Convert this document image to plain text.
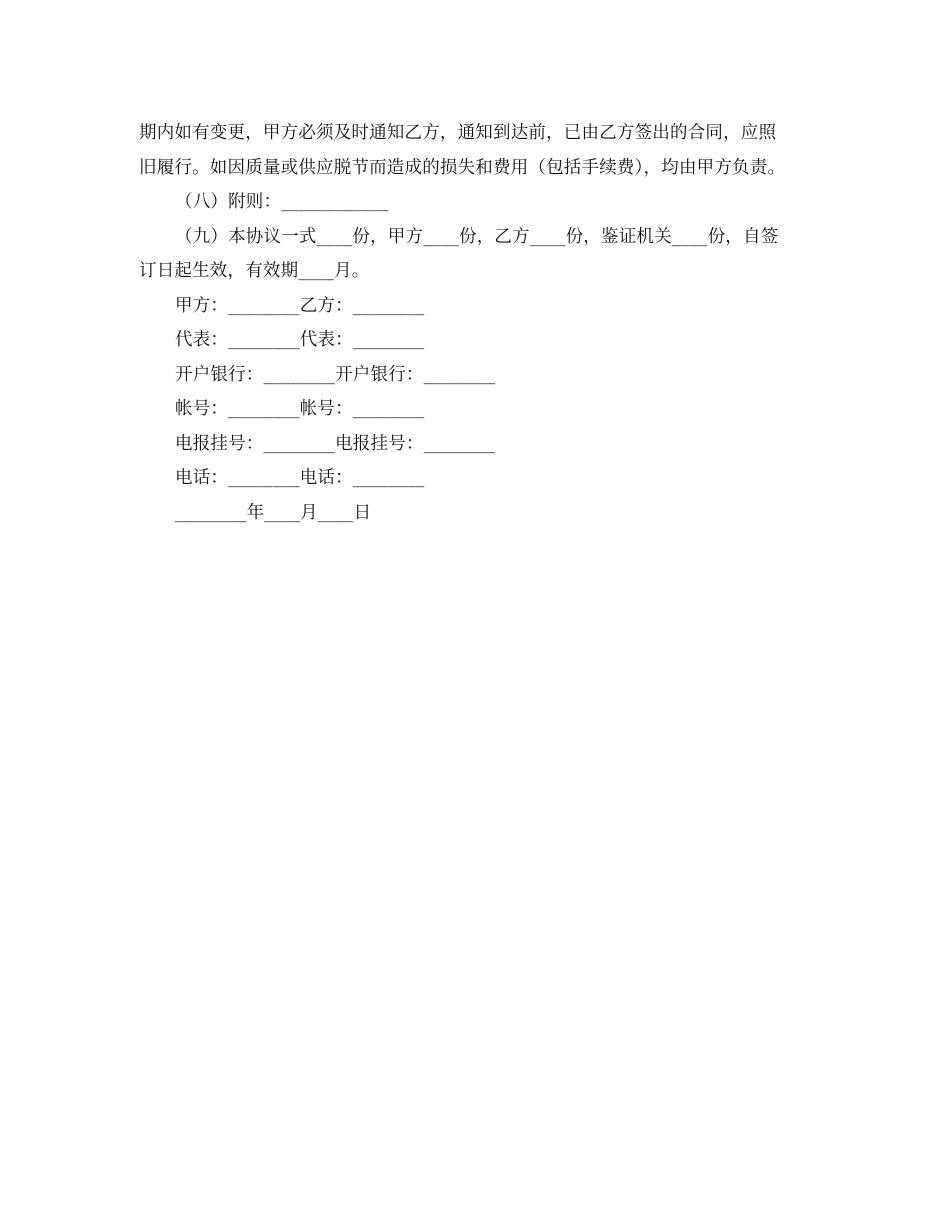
期内如有变更，甲方必须及时通知乙方，通知到达前，已由乙方签出的合同，应照
旧履行。如因质量或供应脱节而造成的损失和费用（包括手续费），均由甲方负责。
（八）附则：____________
（九）本协议一式____份，甲方____份，乙方____份，鉴证机关____份，自签
订日起生效，有效期____月。
甲方：________乙方：________
代表：________代表：________
开户银行：________开户银行：________
帐号：________帐号：________
电报挂号：________电报挂号：________
电话：________电话：________
________年____月____日
